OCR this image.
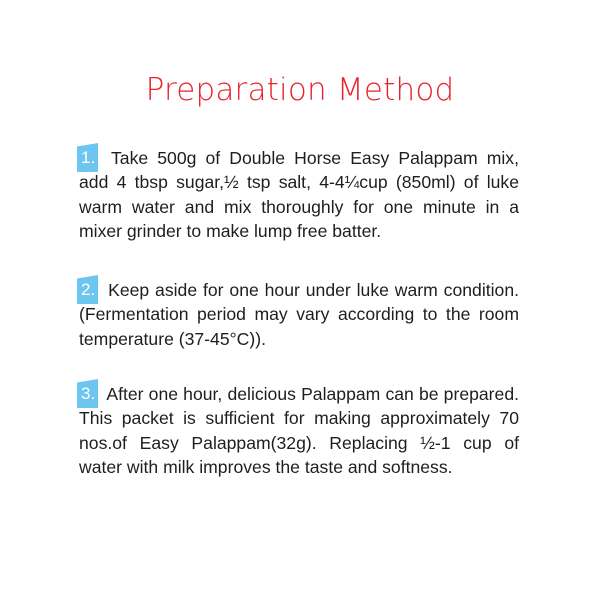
Preparation Method
1. Take 500g of Double Horse Easy Palappam mix, add 4 tbsp sugar,½ tsp salt, 4-4¼cup (850ml) of luke warm water and mix thoroughly for one minute in a mixer grinder to make lump free batter.
2. Keep aside for one hour under luke warm condition. (Fermentation period may vary according to the room temperature (37-45°C)).
3. After one hour, delicious Palappam can be prepared. This packet is sufficient for making approximately 70 nos.of Easy Palappam(32g). Replacing ½-1 cup of water with milk improves the taste and softness.
